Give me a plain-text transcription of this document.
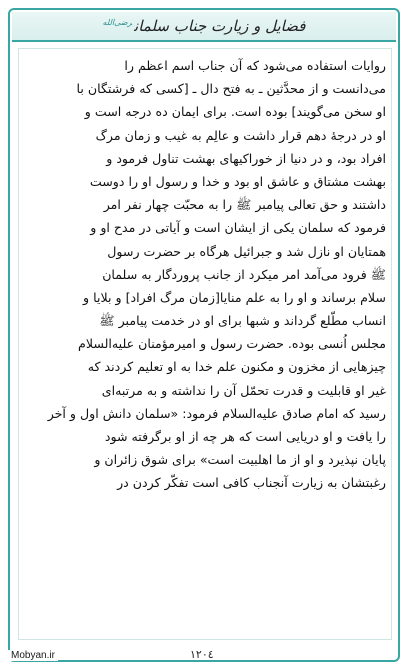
فضایل و زیارت جناب سلمان$^{رضی‌الله}$
روایات استفاده می‌شود که آن جناب اسم اعظم را
می‌دانست و از محدَّثین ـ به فتح دال ـ [کسی که فرشتگان با
او سخن می‌گویند] بوده است. برای ایمان ده درجه است و
او در درجهٔ دهم قرار داشت و عالِم به غیب و زمان مرگ
افراد بود، و در دنیا از خوراکیهای بهشت تناول فرمود و
بهشت مشتاق و عاشق او بود و خدا و رسول او را دوست
داشتند و حق تعالی پیامبر ﷺ را به محبّت چهار نفر امر
فرمود که سلمان یکی از ایشان است و آیاتی در مدح او و
همتایان او نازل شد و جبرائیل هرگاه بر حضرت رسول
ﷺ فرود می‌آمد امر میکرد از جانب پروردگار به سلمان
سلام برساند و او را به علم منایا[زمان مرگ افراد] و بلایا و
انساب مطّلع گرداند و شبها برای او در خدمت پیامبر ﷺ
مجلس اُنسی بوده. حضرت رسول و امیرمؤمنان علیه‌السلام
چیزهایی از مخزون و مکنون علم خدا به او تعلیم کردند که
غیر او قابلیت و قدرت تحمّل آن را نداشته و به مرتبه‌ای
رسید که امام صادق علیه‌السلام فرمود: «سلمان دانش اول و آخر
را یافت و او دریایی است که هر چه از او برگرفته شود
پایان نپذیرد و او از ما اهلبیت است» برای شوق زائران و
رغبتشان به زیارت آنجناب کافی است تفکّر کردن در
Mobyan.ir	۱۲۰٤
